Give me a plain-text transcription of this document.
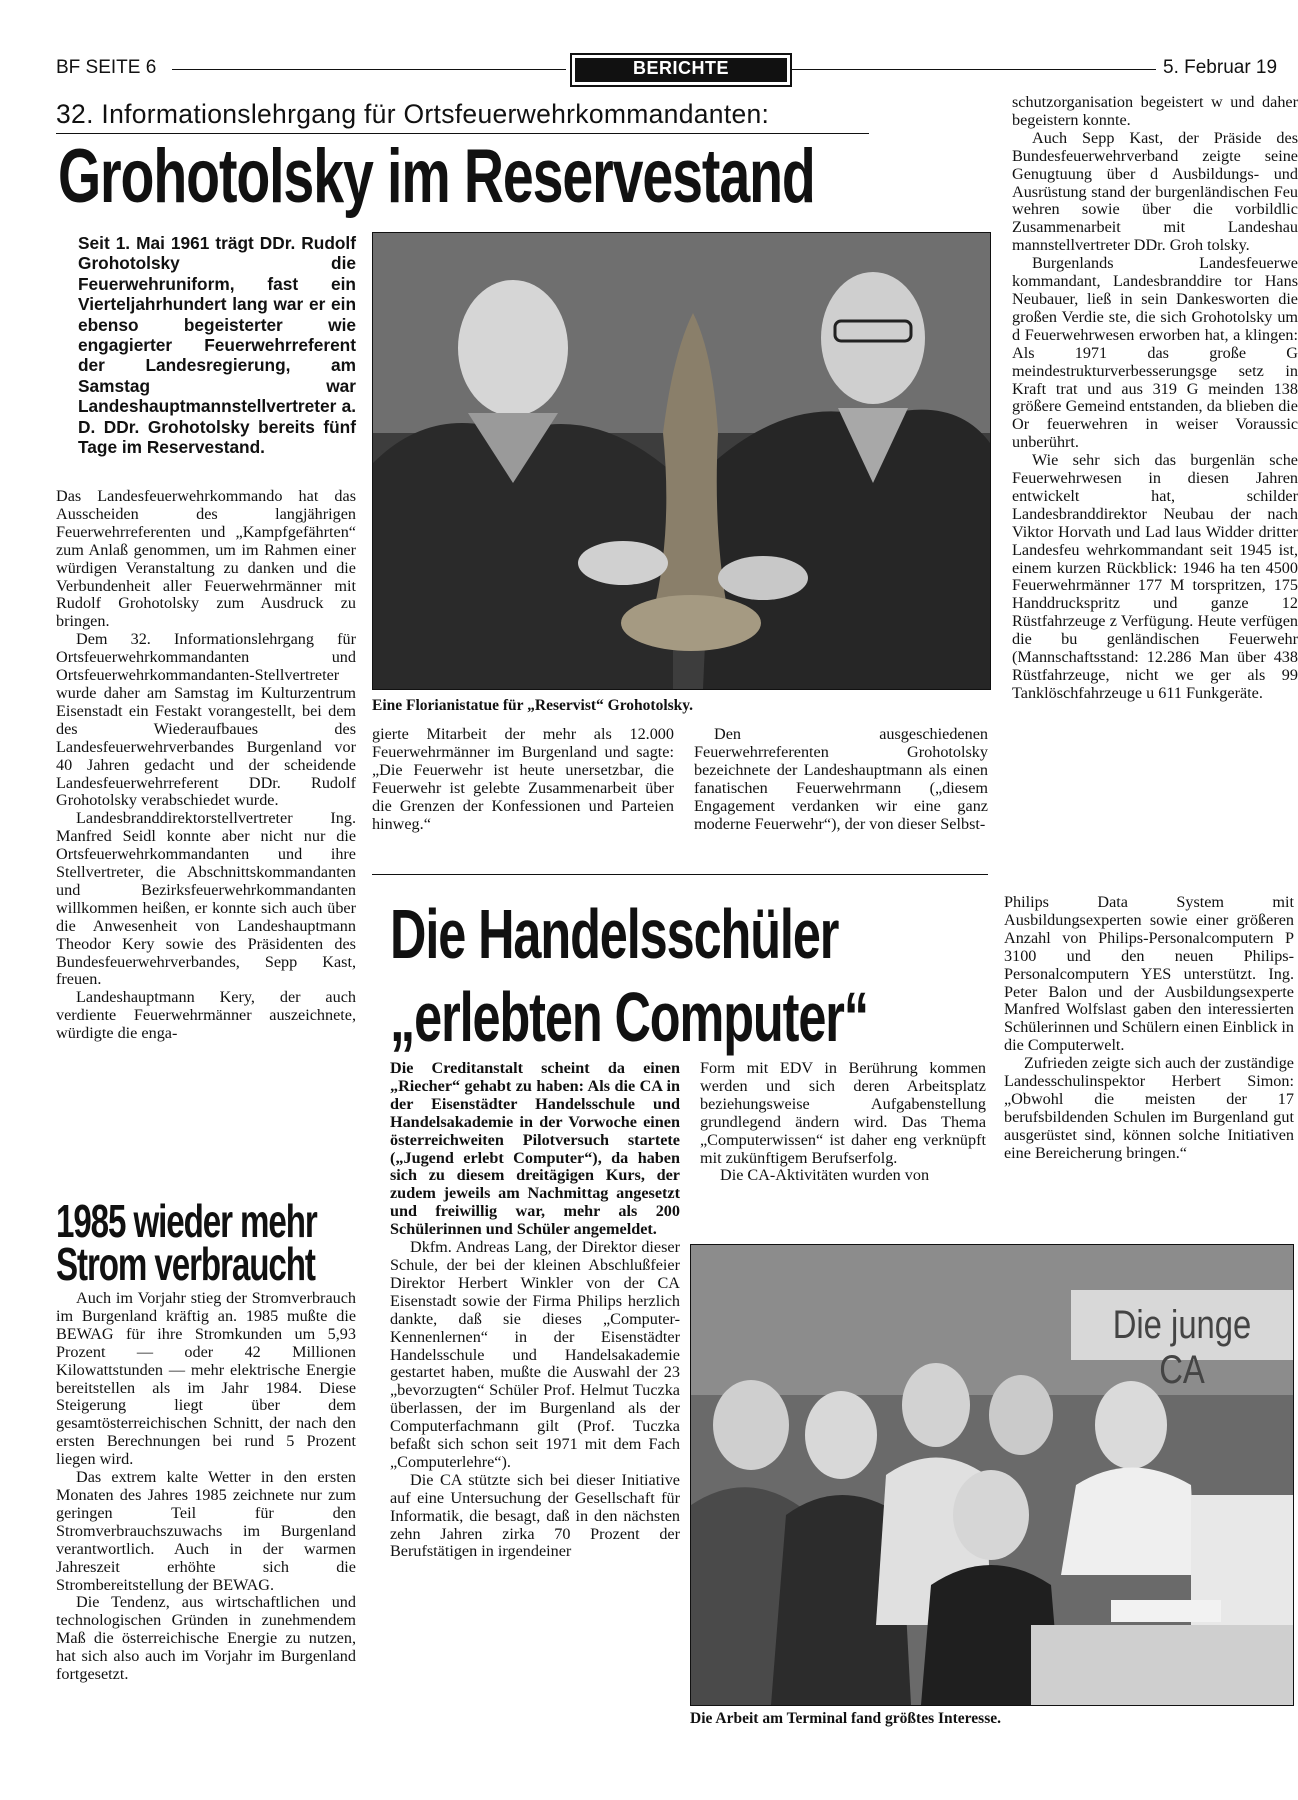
BF SEITE 6	BERICHTE	5. Februar 19
32. Informationslehrgang für Ortsfeuerwehrkommandanten:
Grohotolsky im Reservestand
Seit 1. Mai 1961 trägt DDr. Rudolf Grohotolsky die Feuerwehruniform, fast ein Vierteljahrhundert lang war er ein ebenso begeisterter wie engagierter Feuerwehrreferent der Landesregierung, am Samstag war Landeshauptmannstellvertreter a. D. DDr. Grohotolsky bereits fünf Tage im Reservestand.

Das Landesfeuerwehrkommando hat das Ausscheiden des langjährigen Feuerwehrreferenten und „Kampfgefährten“ zum Anlaß genommen, um im Rahmen einer würdigen Veranstaltung zu danken und die Verbundenheit aller Feuerwehrmänner mit Rudolf Grohotolsky zum Ausdruck zu bringen.

Dem 32. Informationslehrgang für Ortsfeuerwehrkommandanten und Ortsfeuerwehrkommandanten-Stellvertreter wurde daher am Samstag im Kulturzentrum Eisenstadt ein Festakt vorangestellt, bei dem des Wiederaufbaues des Landesfeuerwehrverbandes Burgenland vor 40 Jahren gedacht und der scheidende Landesfeuerwehrreferent DDr. Rudolf Grohotolsky verabschiedet wurde.

Landesbranddirektorstellvertreter Ing. Manfred Seidl konnte aber nicht nur die Ortsfeuerwehrkommandanten und ihre Stellvertreter, die Abschnittskommandanten und Bezirksfeuerwehrkommandanten willkommen heißen, er konnte sich auch über die Anwesenheit von Landeshauptmann Theodor Kery sowie des Präsidenten des Bundesfeuerwehrverbandes, Sepp Kast, freuen.

Landeshauptmann Kery, der auch verdiente Feuerwehrmänner auszeichnete, würdigte die enga-

Eine Florianistatue für „Reservist“ Grohotolsky.

gierte Mitarbeit der mehr als 12.000 Feuerwehrmänner im Burgenland und sagte: „Die Feuerwehr ist heute unersetzbar, die Feuerwehr ist gelebte Zusammenarbeit über die Grenzen der Konfessionen und Parteien hinweg.“

Den ausgeschiedenen Feuerwehrreferenten Grohotolsky bezeichnete der Landeshauptmann als einen fanatischen Feuerwehrmann („diesem Engagement verdanken wir eine ganz moderne Feuerwehr“), der von dieser Selbst-

schutzorganisation begeistert w und daher begeistern konnte.

Auch Sepp Kast, der Präside des Bundesfeuerwehrverband zeigte seine Genugtuung über d Ausbildungs- und Ausrüstung stand der burgenländischen Feu wehren sowie über die vorbildlic Zusammenarbeit mit Landeshau mannstellvertreter DDr. Groh tolsky.

Burgenlands Landesfeuerwe kommandant, Landesbranddire tor Hans Neubauer, ließ in sein Dankesworten die großen Verdie ste, die sich Grohotolsky um d Feuerwehrwesen erworben hat, a klingen: Als 1971 das große G meindestrukturverbesserungsge setz in Kraft trat und aus 319 G meinden 138 größere Gemeind entstanden, da blieben die Or feuerwehren in weiser Voraussic unberührt.

Wie sehr sich das burgenlän sche Feuerwehrwesen in diesen Jahren entwickelt hat, schilder Landesbranddirektor Neubau der nach Viktor Horvath und Lad laus Widder dritter Landesfeu wehrkommandant seit 1945 ist, einem kurzen Rückblick: 1946 ha ten 4500 Feuerwehrmänner 177 M torspritzen, 175 Handdruckspritz und ganze 12 Rüstfahrzeuge z Verfügung. Heute verfügen die bu genländischen Feuerwehr (Mannschaftsstand: 12.286 Man über 438 Rüstfahrzeuge, nicht we ger als 99 Tanklöschfahrzeuge u 611 Funkgeräte.

1985 wieder mehr
Strom verbraucht

Auch im Vorjahr stieg der Stromverbrauch im Burgenland kräftig an. 1985 mußte die BEWAG für ihre Stromkunden um 5,93 Prozent — oder 42 Millionen Kilowattstunden — mehr elektrische Energie bereitstellen als im Jahr 1984. Diese Steigerung liegt über dem gesamtösterreichischen Schnitt, der nach den ersten Berechnungen bei rund 5 Prozent liegen wird.

Das extrem kalte Wetter in den ersten Monaten des Jahres 1985 zeichnete nur zum geringen Teil für den Stromverbrauchszuwachs im Burgenland verantwortlich. Auch in der warmen Jahreszeit erhöhte sich die Strombereitstellung der BEWAG.

Die Tendenz, aus wirtschaftlichen und technologischen Gründen in zunehmendem Maß die österreichische Energie zu nutzen, hat sich also auch im Vorjahr im Burgenland fortgesetzt.

Die Handelsschüler
„erlebten Computer“

Die Creditanstalt scheint da einen „Riecher“ gehabt zu haben: Als die CA in der Eisenstädter Handelsschule und Handelsakademie in der Vorwoche einen österreichweiten Pilotversuch startete („Jugend erlebt Computer“), da haben sich zu diesem dreitägigen Kurs, der zudem jeweils am Nachmittag angesetzt und freiwillig war, mehr als 200 Schülerinnen und Schüler angemeldet.

Dkfm. Andreas Lang, der Direktor dieser Schule, der bei der kleinen Abschlußfeier Direktor Herbert Winkler von der CA Eisenstadt sowie der Firma Philips herzlich dankte, daß sie dieses „Computer-Kennenlernen“ in der Eisenstädter Handelsschule und Handelsakademie gestartet haben, mußte die Auswahl der 23 „bevorzugten“ Schüler Prof. Helmut Tuczka überlassen, der im Burgenland als der Computerfachmann gilt (Prof. Tuczka befaßt sich schon seit 1971 mit dem Fach „Computerlehre“).

Die CA stützte sich bei dieser Initiative auf eine Untersuchung der Gesellschaft für Informatik, die besagt, daß in den nächsten zehn Jahren zirka 70 Prozent der Berufstätigen in irgendeiner

Form mit EDV in Berührung kommen werden und sich deren Arbeitsplatz beziehungsweise Aufgabenstellung grundlegend ändern wird. Das Thema „Computerwissen“ ist daher eng verknüpft mit zukünftigem Berufserfolg.

Die CA-Aktivitäten wurden von

Philips Data System mit Ausbildungsexperten sowie einer größeren Anzahl von Philips-Personalcomputern P 3100 und den neuen Philips-Personalcomputern YES unterstützt. Ing. Peter Balon und der Ausbildungsexperte Manfred Wolfslast gaben den interessierten Schülerinnen und Schülern einen Einblick in die Computerwelt.

Zufrieden zeigte sich auch der zuständige Landesschulinspektor Herbert Simon: „Obwohl die meisten der 17 berufsbildenden Schulen im Burgenland gut ausgerüstet sind, können solche Initiativen eine Bereicherung bringen.“

Die junge CA
Die Arbeit am Terminal fand größtes Interesse.
